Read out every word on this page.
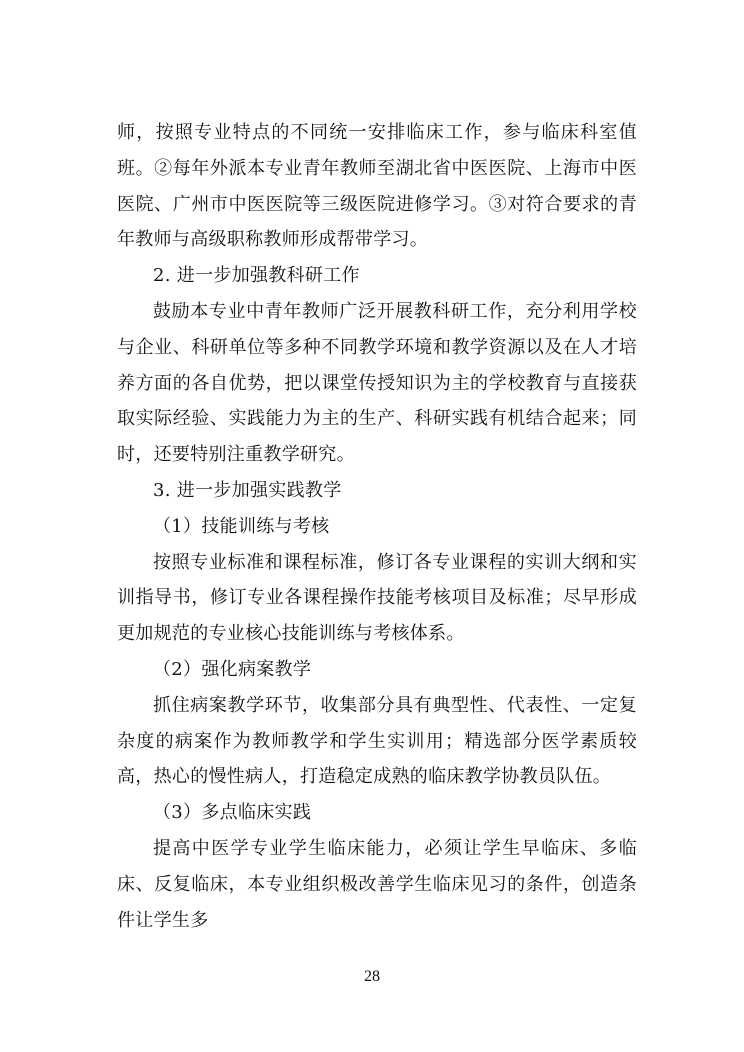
师，按照专业特点的不同统一安排临床工作，参与临床科室值班。②每年外派本专业青年教师至湖北省中医医院、上海市中医医院、广州市中医医院等三级医院进修学习。③对符合要求的青年教师与高级职称教师形成帮带学习。

2. 进一步加强教科研工作

鼓励本专业中青年教师广泛开展教科研工作，充分利用学校与企业、科研单位等多种不同教学环境和教学资源以及在人才培养方面的各自优势，把以课堂传授知识为主的学校教育与直接获取实际经验、实践能力为主的生产、科研实践有机结合起来；同时，还要特别注重教学研究。

3. 进一步加强实践教学

（1）技能训练与考核

按照专业标准和课程标准，修订各专业课程的实训大纲和实训指导书，修订专业各课程操作技能考核项目及标准；尽早形成更加规范的专业核心技能训练与考核体系。

（2）强化病案教学

抓住病案教学环节，收集部分具有典型性、代表性、一定复杂度的病案作为教师教学和学生实训用；精选部分医学素质较高，热心的慢性病人，打造稳定成熟的临床教学协教员队伍。

（3）多点临床实践

提高中医学专业学生临床能力，必须让学生早临床、多临床、反复临床，本专业组织极改善学生临床见习的条件，创造条件让学生多

28
